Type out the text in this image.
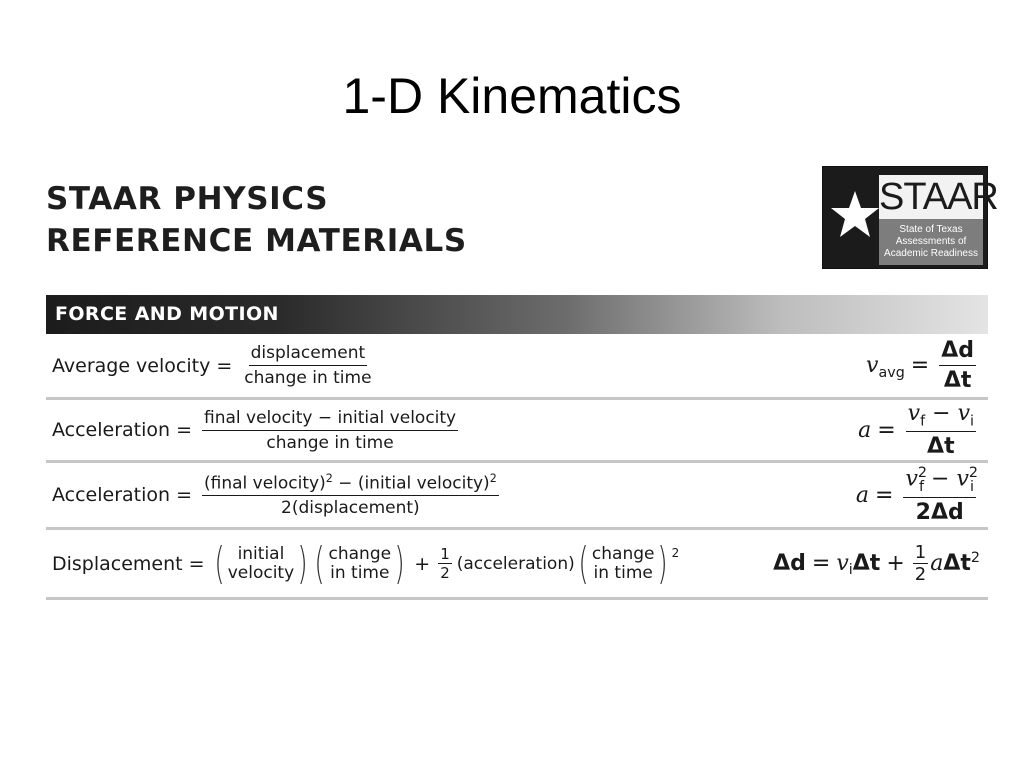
1-D Kinematics
STAAR PHYSICS
REFERENCE MATERIALS
STAAR
State of Texas
Assessments of
Academic Readiness
FORCE AND MOTION
Average velocity = $\frac{\text{displacement}}{\text{change in time}}$	$v_{avg} = \frac{\Delta d}{\Delta t}$
Acceleration = $\frac{\text{final velocity − initial velocity}}{\text{change in time}}$	$a = \frac{v_f - v_i}{\Delta t}$
Acceleration = $\frac{(final velocity)^2 - (initial velocity)^2}{\text{2(displacement)}}$	$a = \frac{v^2_f - v^2_i}{2\Delta d}$
Displacement = ( initial
velocity ) ( change
in time ) + $\frac{1}{2}$ (acceleration) ( change
in time ) 2	$\Delta d = v_i$ $\Delta t + \frac{1}{2}$ a $\Delta t^2$
